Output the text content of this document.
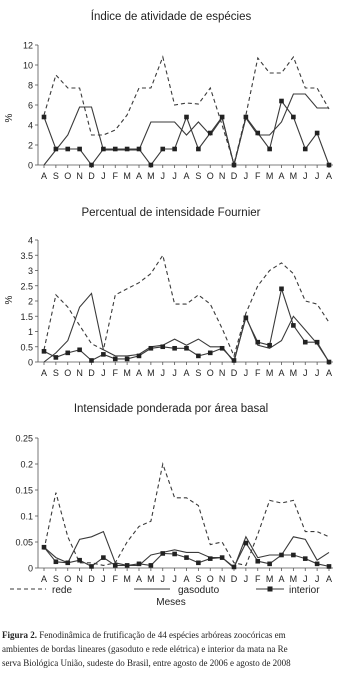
Índice de atividade de espécies
%
0
2
4
6
8
10
12
A S O N D J F M A M J J A S O N D J F M A M J J A
Percentual de intensidade Fournier
%
0
0.5
1
1.5
2
2.5
3
3.5
4
A S O N D J F M A M J J A S O N D J F M A M J J A
Intensidade ponderada por área basal
0
0.05
0.1
0.15
0.2
0.25
A S O N D J F M A M J J A S O N D J F M A M J J A
Meses
rede	gasoduto	interior
Figura 2. Fenodinâmica de frutificação de 44 espécies arbóreas zoocóricas em
ambientes de bordas lineares (gasoduto e rede elétrica) e interior da mata na Re
serva Biológica União, sudeste do Brasil, entre agosto de 2006 e agosto de 2008
